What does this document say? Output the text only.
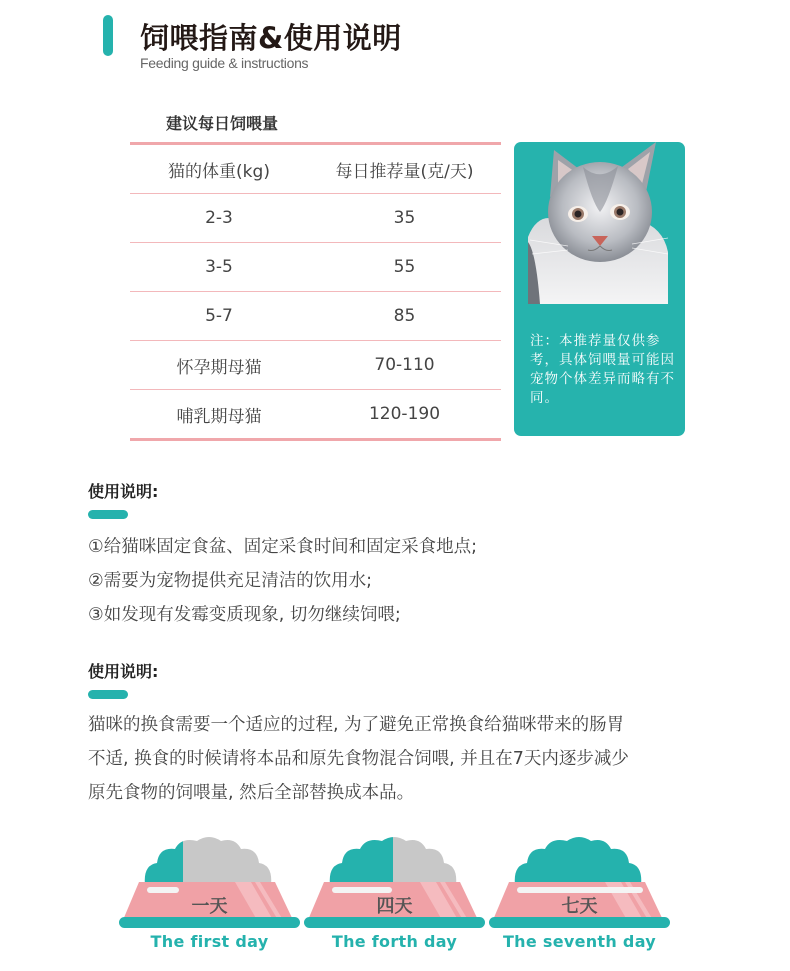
饲喂指南&使用说明
Feeding guide & instructions
建议每日饲喂量
猫的体重(kg)	每日推荐量(克/天)
2-3	35
3-5	55
5-7	85
怀孕期母猫	70-110
哺乳期母猫	120-190
注：本推荐量仅供参考，具体饲喂量可能因宠物个体差异而略有不同。
使用说明:
①给猫咪固定食盆、固定采食时间和固定采食地点;
②需要为宠物提供充足清洁的饮用水;
③如发现有发霉变质现象, 切勿继续饲喂;
使用说明:
猫咪的换食需要一个适应的过程, 为了避免正常换食给猫咪带来的肠胃
不适, 换食的时候请将本品和原先食物混合饲喂, 并且在7天内逐步减少
原先食物的饲喂量, 然后全部替换成本品。
一天
The first day
四天
The forth day
七天
The seventh day
